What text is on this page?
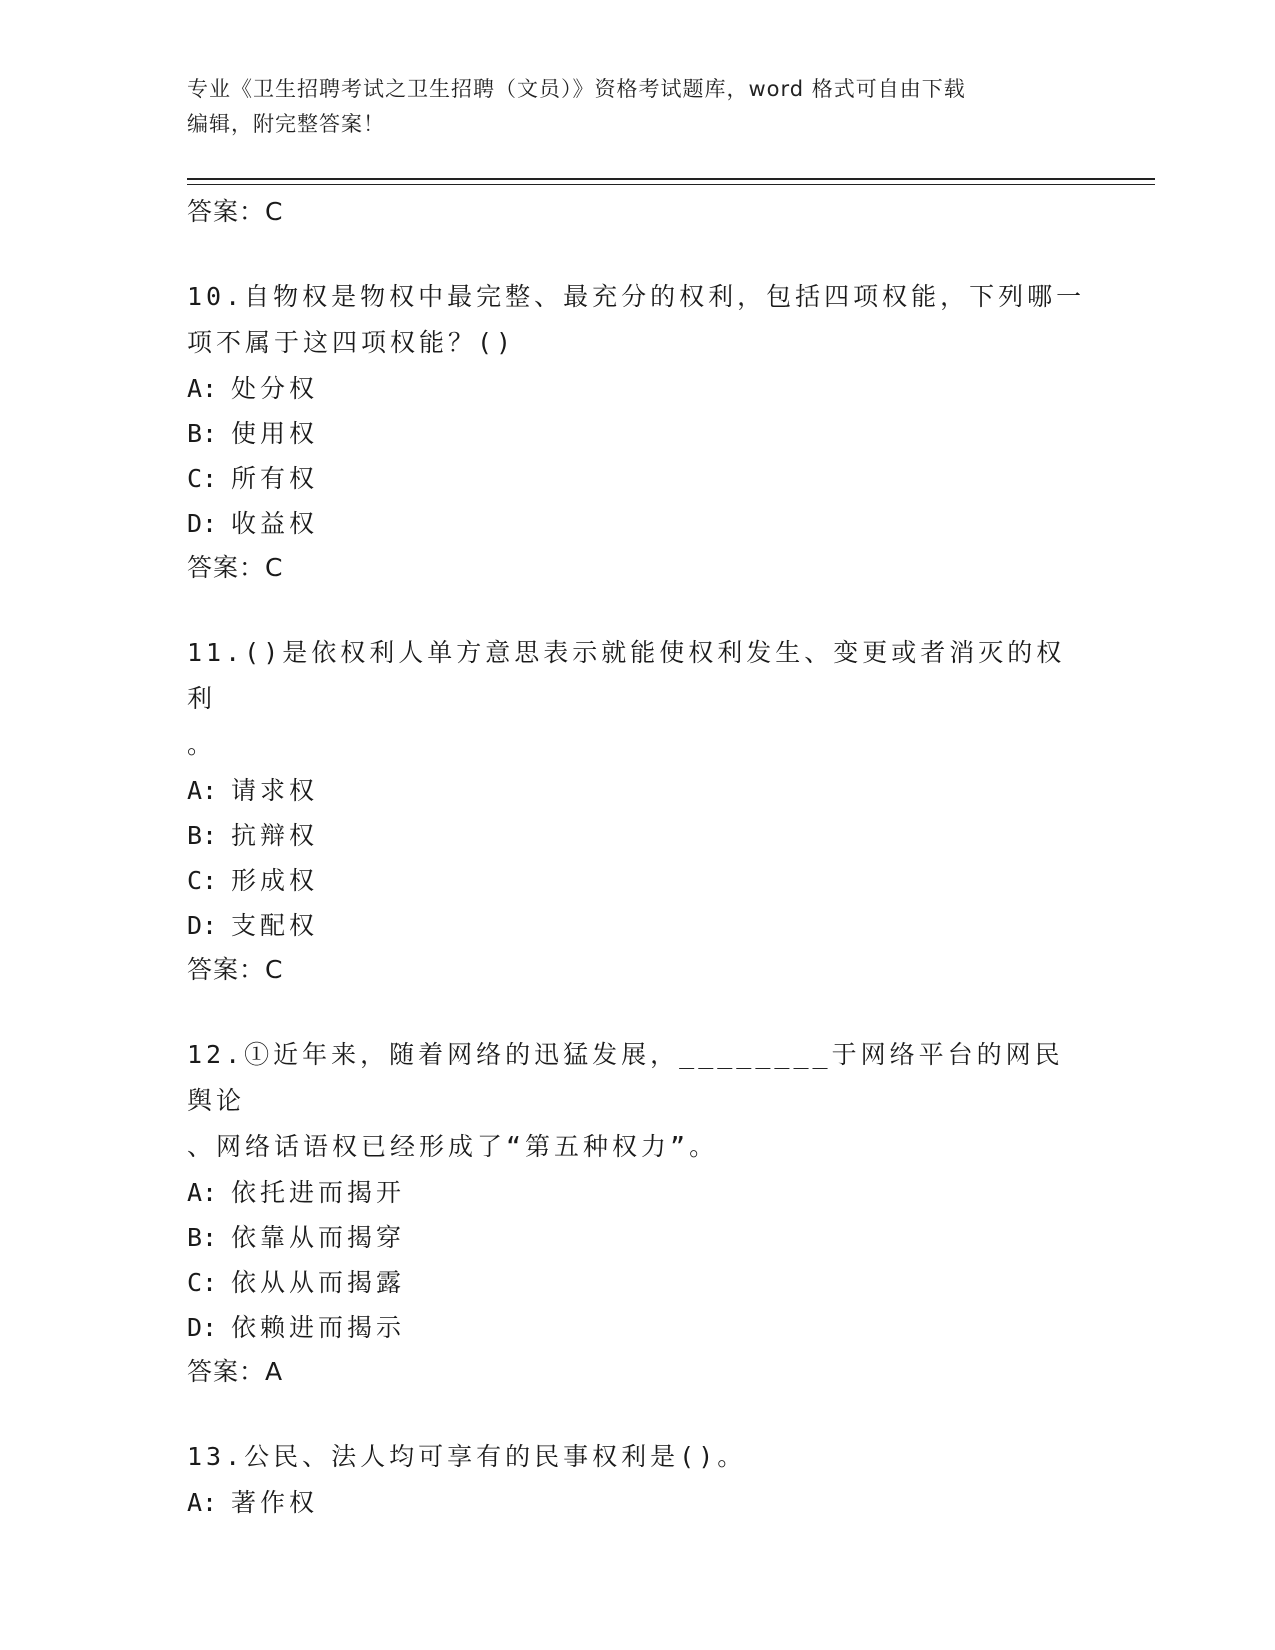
专业《卫生招聘考试之卫生招聘（文员）》资格考试题库，word 格式可自由下载
编辑，附完整答案！

答案：C

10.自物权是物权中最完整、最充分的权利，包括四项权能，下列哪一

项不属于这四项权能？()

A: 处分权

B: 使用权

C: 所有权

D: 收益权

答案：C

11.()是依权利人单方意思表示就能使权利发生、变更或者消灭的权利

。

A: 请求权

B: 抗辩权

C: 形成权

D: 支配权

答案：C

12.①近年来，随着网络的迅猛发展，________于网络平台的网民舆论

、网络话语权已经形成了“第五种权力”。

A: 依托进而揭开

B: 依靠从而揭穿

C: 依从从而揭露

D: 依赖进而揭示

答案：A

13.公民、法人均可享有的民事权利是()。

A: 著作权
